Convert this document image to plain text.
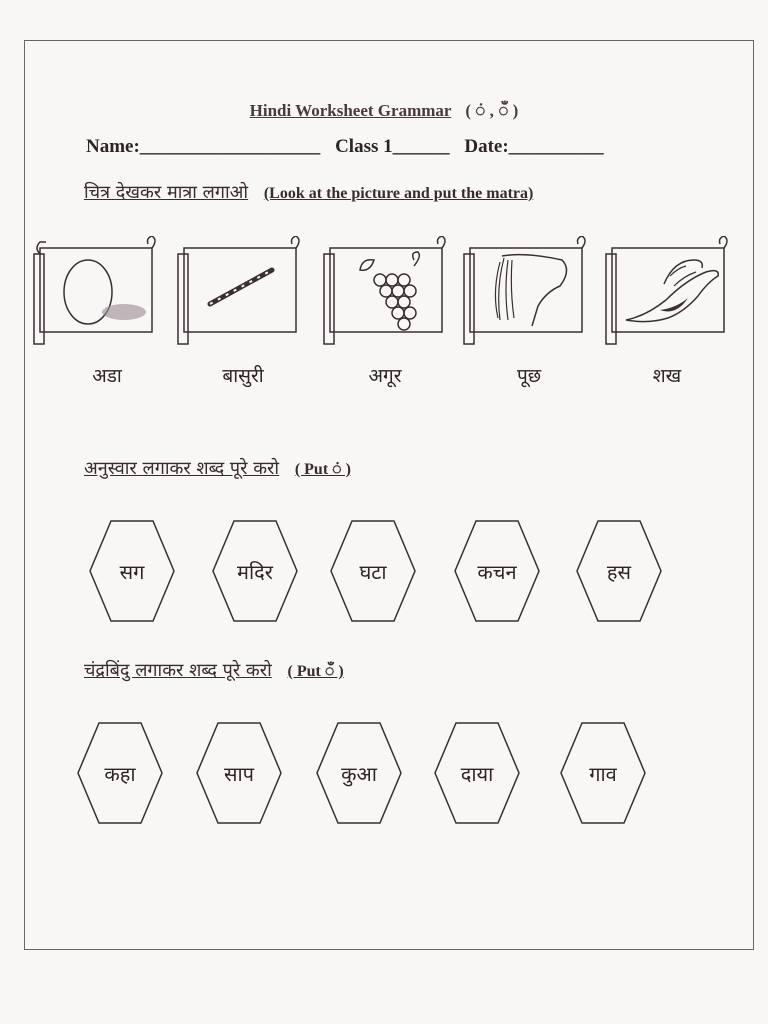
Hindi Worksheet Grammar ( ं , ँ )
Name:___________________ Class 1______ Date:__________
चित्र देखकर मात्रा लगाओ (Look at the picture and put the matra)
अडा	बासुरी	अगूर	पूछ	शख
अनुस्वार लगाकर शब्द पूरे करो ( Put ं )
सग	मदिर	घटा	कचन	हस
चंद्रबिंदु लगाकर शब्द पूरे करो ( Put ँ )
कहा	साप	कुआ	दाया	गाव
